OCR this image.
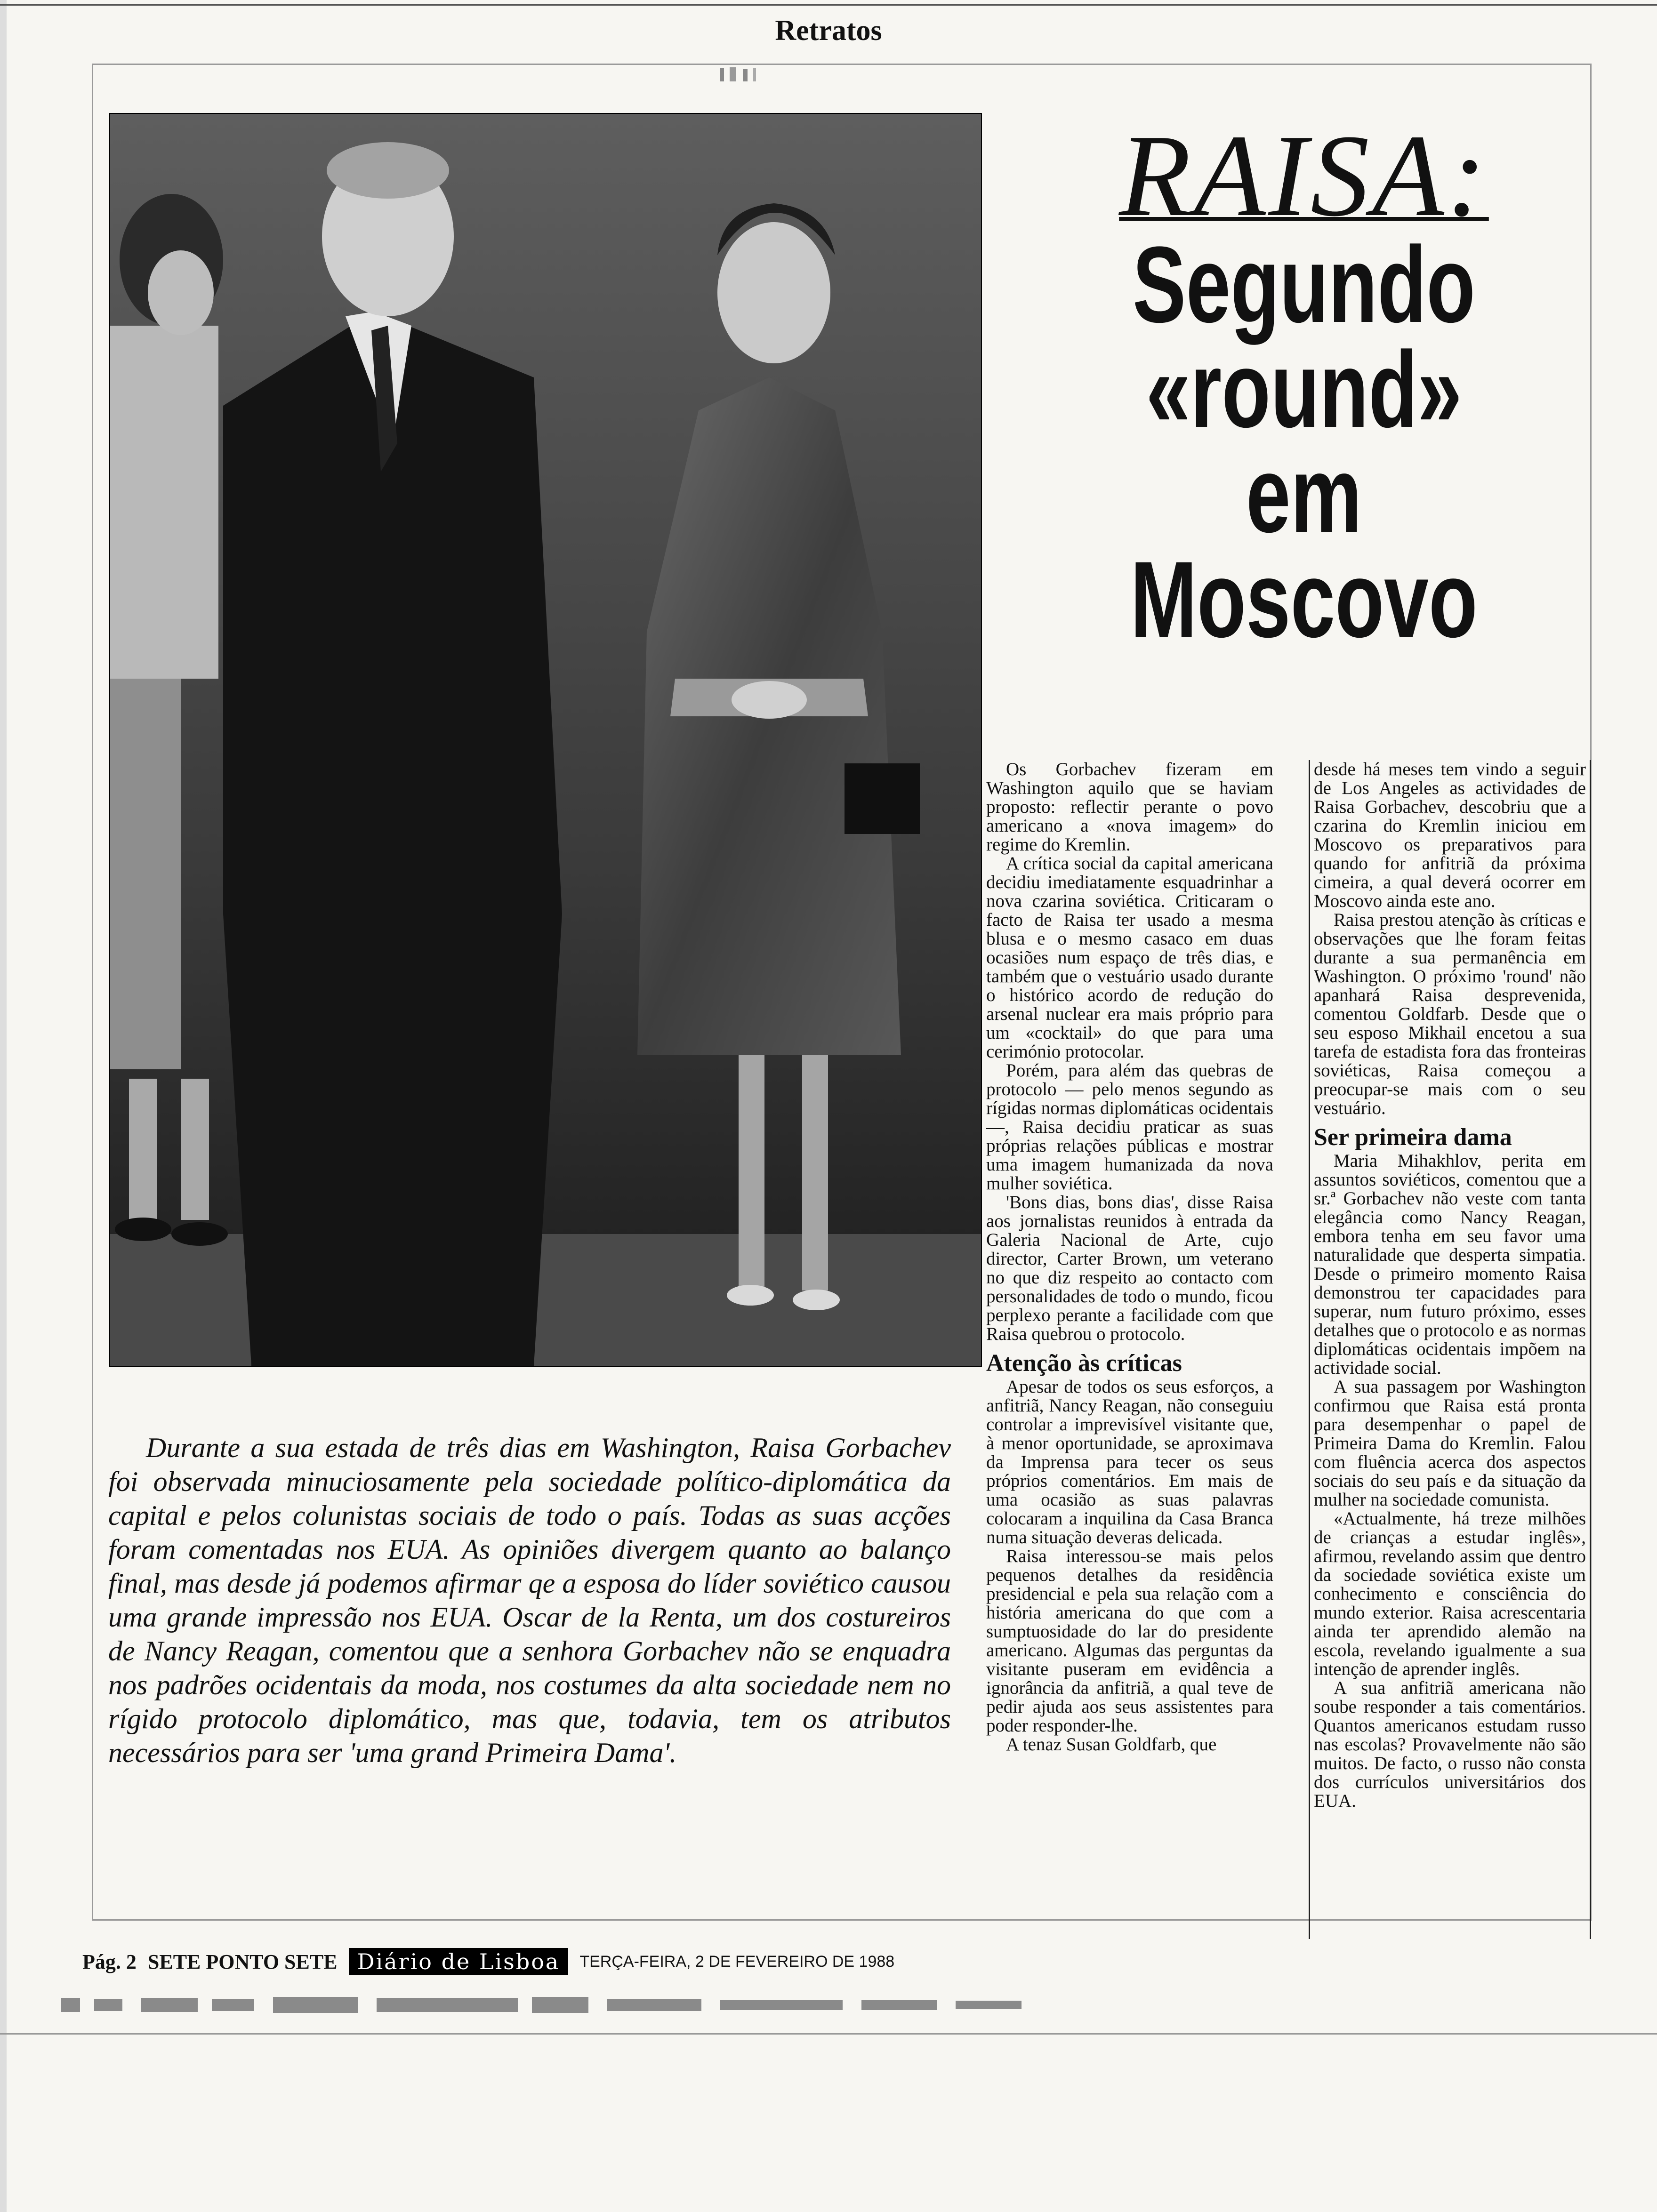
Retratos
RAISA:
Segundo
«round»
em
Moscovo

Os Gorbachev fizeram em Washington aquilo que se haviam proposto: reflectir perante o povo americano a «nova imagem» do regime do Kremlin.

A crítica social da capital americana decidiu imediatamente esquadrinhar a nova czarina soviética. Criticaram o facto de Raisa ter usado a mesma blusa e o mesmo casaco em duas ocasiões num espaço de três dias, e também que o vestuário usado durante o histórico acordo de redução do arsenal nuclear era mais próprio para um «cocktail» do que para uma cerimónio protocolar.

Porém, para além das quebras de protocolo — pelo menos segundo as rígidas normas diplomáticas ocidentais —, Raisa decidiu praticar as suas próprias relações públicas e mostrar uma imagem humanizada da nova mulher soviética.

'Bons dias, bons dias', disse Raisa aos jornalistas reunidos à entrada da Galeria Nacional de Arte, cujo director, Carter Brown, um veterano no que diz respeito ao contacto com personalidades de todo o mundo, ficou perplexo perante a facilidade com que Raisa quebrou o protocolo.

Atenção às críticas

Apesar de todos os seus esforços, a anfitriã, Nancy Reagan, não conseguiu controlar a imprevisível visitante que, à menor oportunidade, se aproximava da Imprensa para tecer os seus próprios comentários. Em mais de uma ocasião as suas palavras colocaram a inquilina da Casa Branca numa situação deveras delicada.

Raisa interessou-se mais pelos pequenos detalhes da residência presidencial e pela sua relação com a história americana do que com a sumptuosidade do lar do presidente americano. Algumas das perguntas da visitante puseram em evidência a ignorância da anfitriã, a qual teve de pedir ajuda aos seus assistentes para poder responder-lhe.

A tenaz Susan Goldfarb, que

desde há meses tem vindo a seguir de Los Angeles as actividades de Raisa Gorbachev, descobriu que a czarina do Kremlin iniciou em Moscovo os preparativos para quando for anfitriã da próxima cimeira, a qual deverá ocorrer em Moscovo ainda este ano.

Raisa prestou atenção às críticas e observações que lhe foram feitas durante a sua permanência em Washington. O próximo 'round' não apanhará Raisa desprevenida, comentou Goldfarb. Desde que o seu esposo Mikhail encetou a sua tarefa de estadista fora das fronteiras soviéticas, Raisa começou a preocupar-se mais com o seu vestuário.

Ser primeira dama

Maria Mihakhlov, perita em assuntos soviéticos, comentou que a sr.ª Gorbachev não veste com tanta elegância como Nancy Reagan, embora tenha em seu favor uma naturalidade que desperta simpatia. Desde o primeiro momento Raisa demonstrou ter capacidades para superar, num futuro próximo, esses detalhes que o protocolo e as normas diplomáticas ocidentais impõem na actividade social.

A sua passagem por Washington confirmou que Raisa está pronta para desempenhar o papel de Primeira Dama do Kremlin. Falou com fluência acerca dos aspectos sociais do seu país e da situação da mulher na sociedade comunista.

«Actualmente, há treze milhões de crianças a estudar inglês», afirmou, revelando assim que dentro da sociedade soviética existe um conhecimento e consciência do mundo exterior. Raisa acrescentaria ainda ter aprendido alemão na escola, revelando igualmente a sua intenção de aprender inglês.

A sua anfitriã americana não soube responder a tais comentários. Quantos americanos estudam russo nas escolas? Provavelmente não são muitos. De facto, o russo não consta dos currículos universitários dos EUA.

Durante a sua estada de três dias em Washington, Raisa Gorbachev foi observada minuciosamente pela sociedade político-diplomática da capital e pelos colunistas sociais de todo o país. Todas as suas acções foram comentadas nos EUA. As opiniões divergem quanto ao balanço final, mas desde já podemos afirmar qe a esposa do líder soviético causou uma grande impressão nos EUA. Oscar de la Renta, um dos costureiros de Nancy Reagan, comentou que a senhora Gorbachev não se enquadra nos padrões ocidentais da moda, nos costumes da alta sociedade nem no rígido protocolo diplomático, mas que, todavia, tem os atributos necessários para ser 'uma grand Primeira Dama'.

Pág. 2 SETE PONTO SETE Diário de Lisboa	TERÇA-FEIRA, 2 DE FEVEREIRO DE 1988
